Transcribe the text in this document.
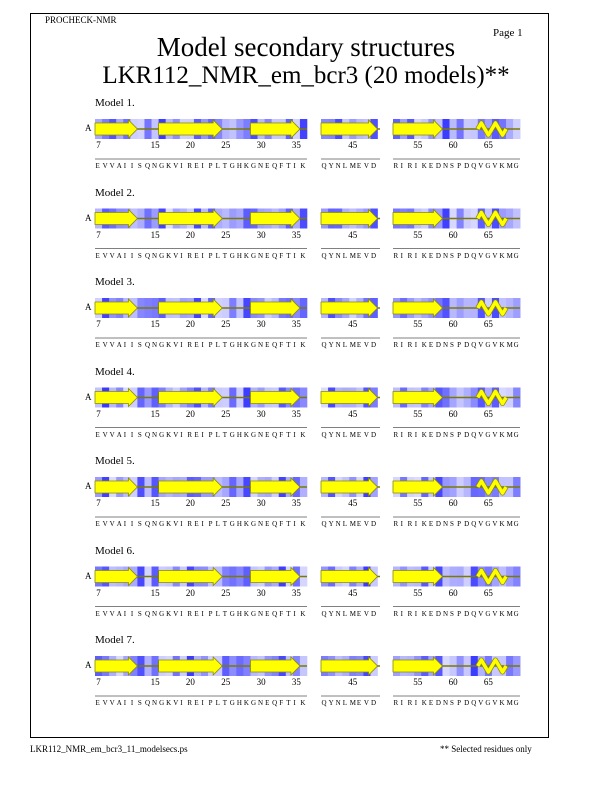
PROCHECK-NMR
Page 1
Model secondary structures
LKR112_NMR_em_bcr3 (20 models)**
LKR112_NMR_em_bcr3_11_modelsecs.ps	** Selected residues only
Model 1.
A
7	15	20	25	30	35	45	55	60	65
E V V A I I S Q N G K V I R E I P L T G H K G N E Q F T I K Q Y N L M E V D R I R I K E D N S P D Q V G V K M G
Model 2.
A
7	15	20	25	30	35	45	55	60	65
E V V A I I S Q N G K V I R E I P L T G H K G N E Q F T I K Q Y N L M E V D R I R I K E D N S P D Q V G V K M G
Model 3.
A
7	15	20	25	30	35	45	55	60	65
E V V A I I S Q N G K V I R E I P L T G H K G N E Q F T I K Q Y N L M E V D R I R I K E D N S P D Q V G V K M G
Model 4.
A
7	15	20	25	30	35	45	55	60	65
E V V A I I S Q N G K V I R E I P L T G H K G N E Q F T I K Q Y N L M E V D R I R I K E D N S P D Q V G V K M G
Model 5.
A
7	15	20	25	30	35	45	55	60	65
E V V A I I S Q N G K V I R E I P L T G H K G N E Q F T I K Q Y N L M E V D R I R I K E D N S P D Q V G V K M G
Model 6.
A
7	15	20	25	30	35	45	55	60	65
E V V A I I S Q N G K V I R E I P L T G H K G N E Q F T I K Q Y N L M E V D R I R I K E D N S P D Q V G V K M G
Model 7.
A
7	15	20	25	30	35	45	55	60	65
E V V A I I S Q N G K V I R E I P L T G H K G N E Q F T I K Q Y N L M E V D R I R I K E D N S P D Q V G V K M G
